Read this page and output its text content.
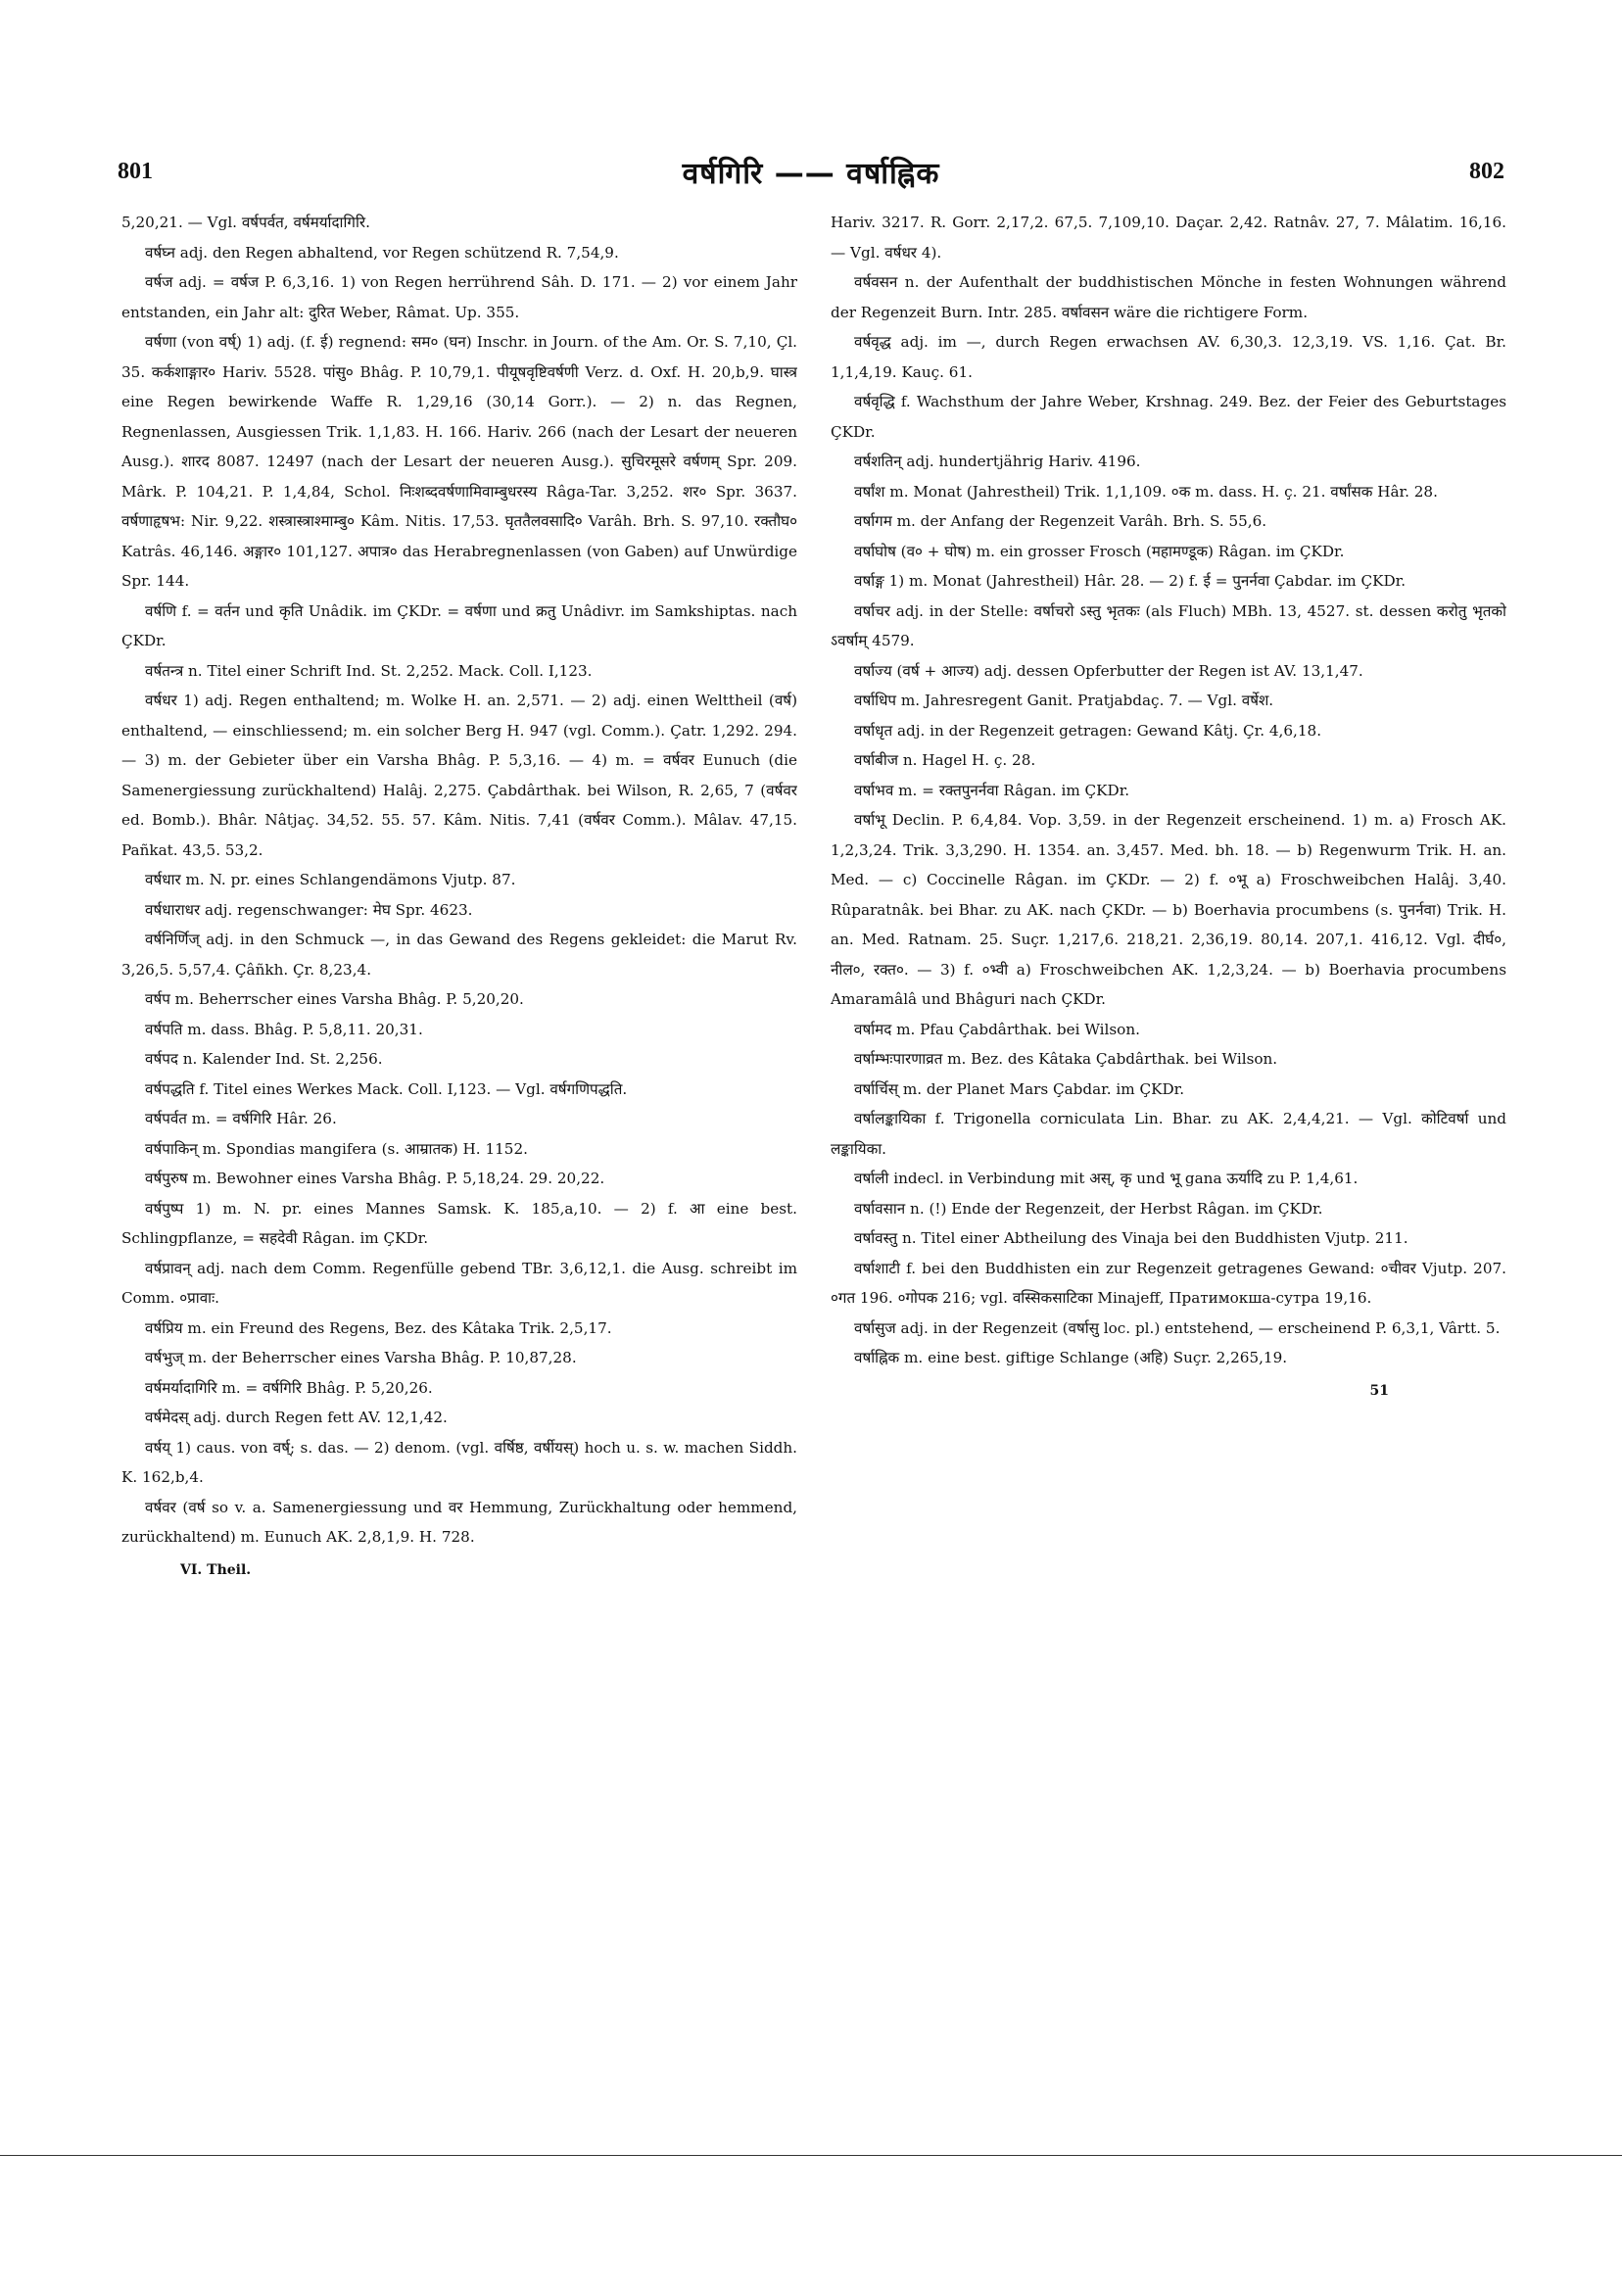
801	वर्षगिरि —— वर्षाह्निक	802

5,20,21. — Vgl. वर्षपर्वत, वर्षमर्यादागिरि.

वर्षघ्न adj. den Regen abhaltend, vor Regen schützend R. 7,54,9.

वर्षज adj. = वर्षज P. 6,3,16. 1) von Regen herrührend Sâh. D. 171. — 2) vor einem Jahr entstanden, ein Jahr alt: दुरित Weber, Râmat. Up. 355.

वर्षणा (von वर्ष्) 1) adj. (f. ई) regnend: सम० (घन) Inschr. in Journ. of the Am. Or. S. 7,10, Çl. 35. कर्कशाङ्गार० Hariv. 5528. पांसु० Bhâg. P. 10,79,1. पीयूषवृष्टिवर्षणी Verz. d. Oxf. H. 20,b,9. घास्त्र eine Regen bewirkende Waffe R. 1,29,16 (30,14 Gorr.). — 2) n. das Regnen, Regnenlassen, Ausgiessen Trik. 1,1,83. H. 166. Hariv. 266 (nach der Lesart der neueren Ausg.). शारद 8087. 12497 (nach der Lesart der neueren Ausg.). सुचिरमूसरे वर्षणम् Spr. 209. Mârk. P. 104,21. P. 1,4,84, Schol. निःशब्दवर्षणामिवाम्बुधरस्य Râga-Tar. 3,252. शर० Spr. 3637. वर्षणाहृषभ: Nir. 9,22. शस्त्रास्त्राश्माम्बु० Kâm. Nitis. 17,53. घृततैलवसादि० Varâh. Brh. S. 97,10. रक्तौघ० Katrâs. 46,146. अङ्गार० 101,127. अपात्र० das Herabregnenlassen (von Gaben) auf Unwürdige Spr. 144.

वर्षणि f. = वर्तन und कृति Unâdik. im ÇKDr. = वर्षणा und क्रतु Unâdivr. im Samkshiptas. nach ÇKDr.

वर्षतन्त्र n. Titel einer Schrift Ind. St. 2,252. Mack. Coll. I,123.

वर्षधर 1) adj. Regen enthaltend; m. Wolke H. an. 2,571. — 2) adj. einen Welttheil (वर्ष) enthaltend, — einschliessend; m. ein solcher Berg H. 947 (vgl. Comm.). Çatr. 1,292. 294. — 3) m. der Gebieter über ein Varsha Bhâg. P. 5,3,16. — 4) m. = वर्षवर Eunuch (die Samenergiessung zurückhaltend) Halâj. 2,275. Çabdârthak. bei Wilson, R. 2,65, 7 (वर्षवर ed. Bomb.). Bhâr. Nâtjaç. 34,52. 55. 57. Kâm. Nitis. 7,41 (वर्षवर Comm.). Mâlav. 47,15. Pañkat. 43,5. 53,2.

वर्षधार m. N. pr. eines Schlangendämons Vjutp. 87.

वर्षधाराधर adj. regenschwanger: मेघ Spr. 4623.

वर्षनिर्णिज् adj. in den Schmuck —, in das Gewand des Regens gekleidet: die Marut Rv. 3,26,5. 5,57,4. Çâñkh. Çr. 8,23,4.

वर्षप m. Beherrscher eines Varsha Bhâg. P. 5,20,20.

वर्षपति m. dass. Bhâg. P. 5,8,11. 20,31.

वर्षपद n. Kalender Ind. St. 2,256.

वर्षपद्धति f. Titel eines Werkes Mack. Coll. I,123. — Vgl. वर्षगणिपद्धति.

वर्षपर्वत m. = वर्षगिरि Hâr. 26.

वर्षपाकिन् m. Spondias mangifera (s. आम्रातक) H. 1152.

वर्षपुरुष m. Bewohner eines Varsha Bhâg. P. 5,18,24. 29. 20,22.

वर्षपुष्प 1) m. N. pr. eines Mannes Samsk. K. 185,a,10. — 2) f. आ eine best. Schlingpflanze, = सहदेवी Râgan. im ÇKDr.

वर्षप्रावन् adj. nach dem Comm. Regenfülle gebend TBr. 3,6,12,1. die Ausg. schreibt im Comm. ०प्रावाः.

वर्षप्रिय m. ein Freund des Regens, Bez. des Kâtaka Trik. 2,5,17.

वर्षभुज् m. der Beherrscher eines Varsha Bhâg. P. 10,87,28.

वर्षमर्यादागिरि m. = वर्षगिरि Bhâg. P. 5,20,26.

वर्षमेदस् adj. durch Regen fett AV. 12,1,42.

वर्षय् 1) caus. von वर्ष्; s. das. — 2) denom. (vgl. वर्षिष्ठ, वर्षीयस्) hoch u. s. w. machen Siddh. K. 162,b,4.

वर्षवर (वर्ष so v. a. Samenergiessung und वर Hemmung, Zurückhaltung oder hemmend, zurückhaltend) m. Eunuch AK. 2,8,1,9. H. 728.

VI. Theil.

Hariv. 3217. R. Gorr. 2,17,2. 67,5. 7,109,10. Daçar. 2,42. Ratnâv. 27, 7. Mâlatim. 16,16. — Vgl. वर्षधर 4).

वर्षवसन n. der Aufenthalt der buddhistischen Mönche in festen Wohnungen während der Regenzeit Burn. Intr. 285. वर्षावसन wäre die richtigere Form.

वर्षवृद्ध adj. im —, durch Regen erwachsen AV. 6,30,3. 12,3,19. VS. 1,16. Çat. Br. 1,1,4,19. Kauç. 61.

वर्षवृद्धि f. Wachsthum der Jahre Weber, Krshnag. 249. Bez. der Feier des Geburtstages ÇKDr.

वर्षशतिन् adj. hundertjährig Hariv. 4196.

वर्षांश m. Monat (Jahrestheil) Trik. 1,1,109. ०क m. dass. H. ç. 21. वर्षांसक Hâr. 28.

वर्षागम m. der Anfang der Regenzeit Varâh. Brh. S. 55,6.

वर्षाघोष (व० + घोष) m. ein grosser Frosch (महामण्डूक) Râgan. im ÇKDr.

वर्षाङ्ग 1) m. Monat (Jahrestheil) Hâr. 28. — 2) f. ई = पुनर्नवा Çabdar. im ÇKDr.

वर्षाचर adj. in der Stelle: वर्षाचरो ऽस्तु भृतकः (als Fluch) MBh. 13, 4527. st. dessen करोतु भृतको ऽवर्षाम् 4579.

वर्षाज्य (वर्ष + आज्य) adj. dessen Opferbutter der Regen ist AV. 13,1,47.

वर्षाधिप m. Jahresregent Ganit. Pratjabdaç. 7. — Vgl. वर्षेश.

वर्षाधृत adj. in der Regenzeit getragen: Gewand Kâtj. Çr. 4,6,18.

वर्षाबीज n. Hagel H. ç. 28.

वर्षाभव m. = रक्तपुनर्नवा Râgan. im ÇKDr.

वर्षाभू Declin. P. 6,4,84. Vop. 3,59. in der Regenzeit erscheinend. 1) m. a) Frosch AK. 1,2,3,24. Trik. 3,3,290. H. 1354. an. 3,457. Med. bh. 18. — b) Regenwurm Trik. H. an. Med. — c) Coccinelle Râgan. im ÇKDr. — 2) f. ०भू a) Froschweibchen Halâj. 3,40. Rûparatnâk. bei Bhar. zu AK. nach ÇKDr. — b) Boerhavia procumbens (s. पुनर्नवा) Trik. H. an. Med. Ratnam. 25. Suçr. 1,217,6. 218,21. 2,36,19. 80,14. 207,1. 416,12. Vgl. दीर्घ०, नील०, रक्त०. — 3) f. ०भ्वी a) Froschweibchen AK. 1,2,3,24. — b) Boerhavia procumbens Amaramâlâ und Bhâguri nach ÇKDr.

वर्षामद m. Pfau Çabdârthak. bei Wilson.

वर्षाम्भःपारणाव्रत m. Bez. des Kâtaka Çabdârthak. bei Wilson.

वर्षार्चिस् m. der Planet Mars Çabdar. im ÇKDr.

वर्षालङ्कायिका f. Trigonella corniculata Lin. Bhar. zu AK. 2,4,4,21. — Vgl. कोटिवर्षा und लङ्कायिका.

वर्षाली indecl. in Verbindung mit अस्, कृ und भू gana ऊर्यादि zu P. 1,4,61.

वर्षावसान n. (!) Ende der Regenzeit, der Herbst Râgan. im ÇKDr.

वर्षावस्तु n. Titel einer Abtheilung des Vinaja bei den Buddhisten Vjutp. 211.

वर्षाशाटी f. bei den Buddhisten ein zur Regenzeit getragenes Gewand: ०चीवर Vjutp. 207. ०गत 196. ०गोपक 216; vgl. वस्सिकसाटिका Minajeff, Пратимокша-сутра 19,16.

वर्षासुज adj. in der Regenzeit (वर्षासु loc. pl.) entstehend, — erscheinend P. 6,3,1, Vârtt. 5.

वर्षाह्निक m. eine best. giftige Schlange (अहि) Suçr. 2,265,19.

51
